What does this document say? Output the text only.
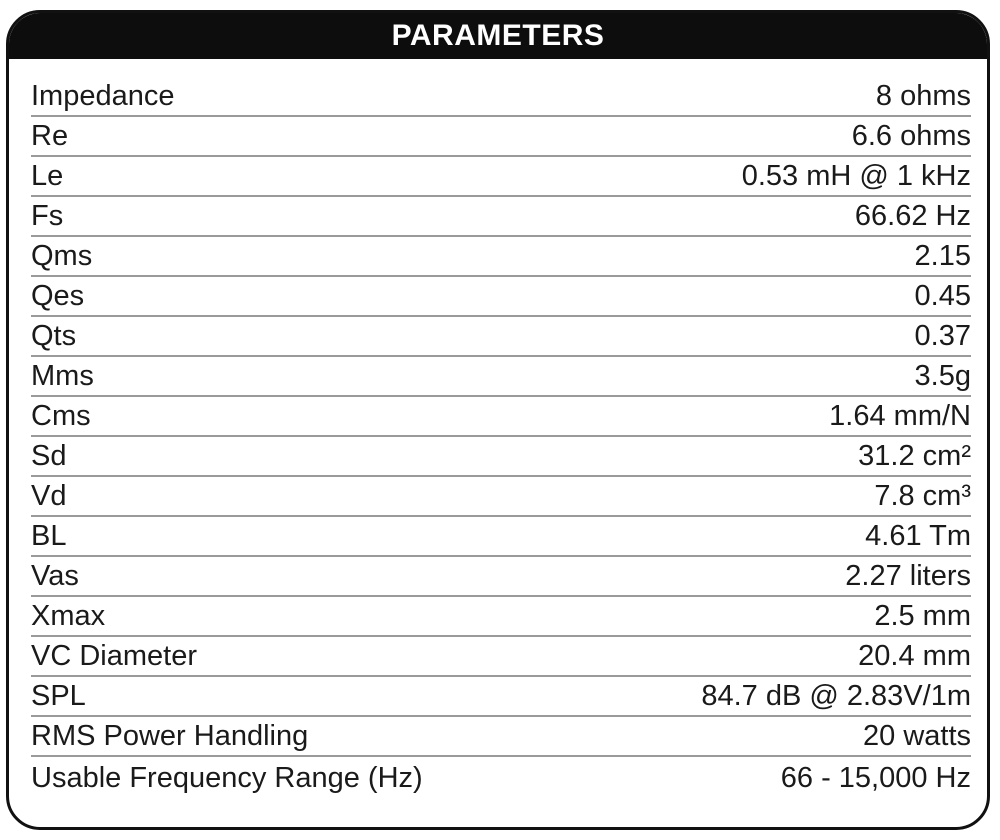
PARAMETERS
Impedance	8 ohms
Re	6.6 ohms
Le	0.53 mH @ 1 kHz
Fs	66.62 Hz
Qms	2.15
Qes	0.45
Qts	0.37
Mms	3.5g
Cms	1.64 mm/N
Sd	31.2 cm²
Vd	7.8 cm³
BL	4.61 Tm
Vas	2.27 liters
Xmax	2.5 mm
VC Diameter	20.4 mm
SPL	84.7 dB @ 2.83V/1m
RMS Power Handling	20 watts
Usable Frequency Range (Hz)	66 - 15,000 Hz
